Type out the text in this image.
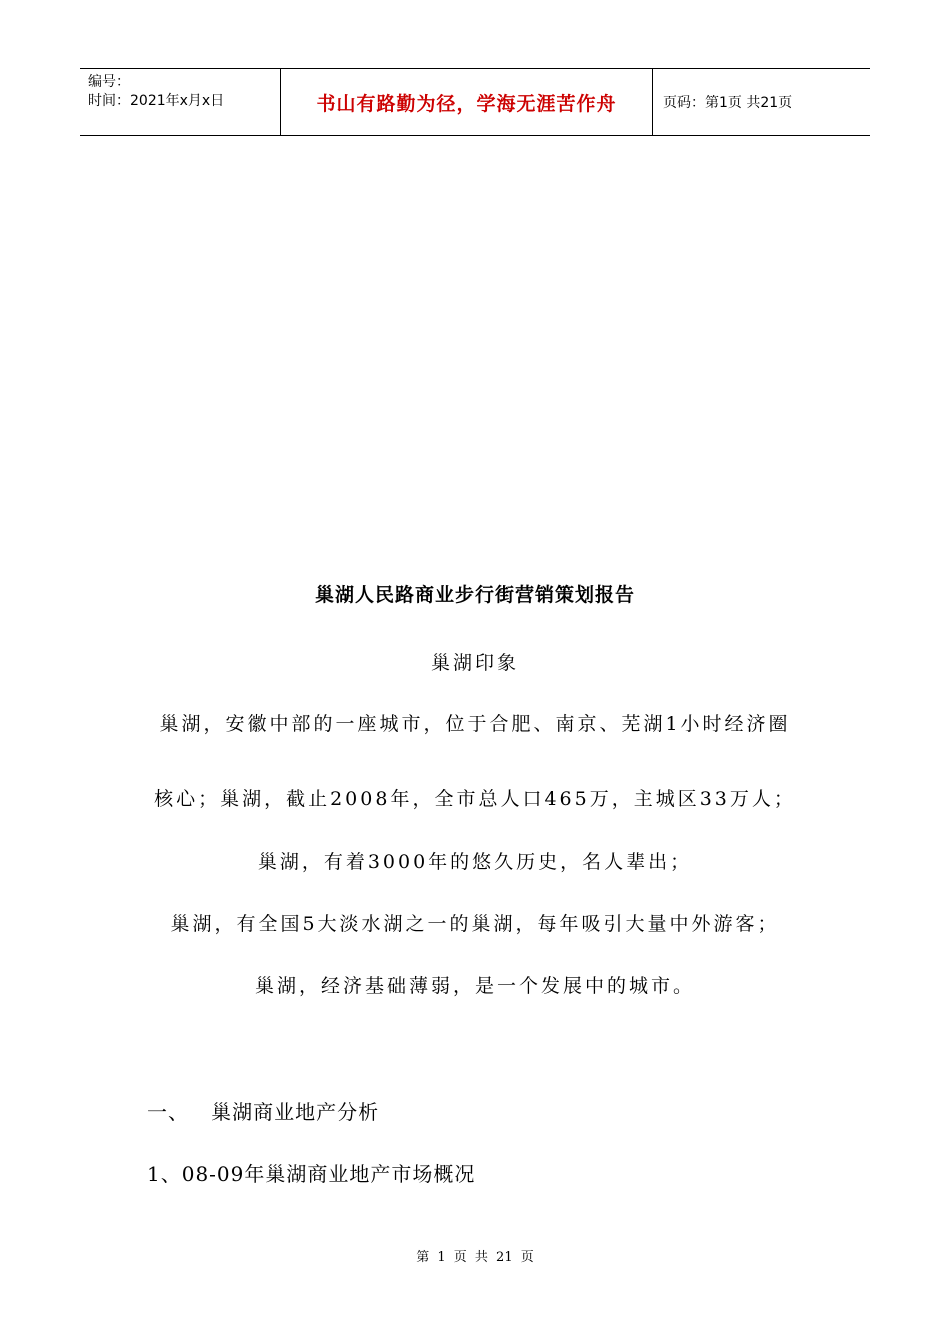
编号：
时间：2021年x月x日	书山有路勤为径，学海无涯苦作舟	页码：第1页 共21页
巢湖人民路商业步行街营销策划报告
巢湖印象
巢湖，安徽中部的一座城市，位于合肥、南京、芜湖1小时经济圈
核心；巢湖，截止2008年，全市总人口465万，主城区33万人；
巢湖，有着3000年的悠久历史，名人辈出；
巢湖，有全国5大淡水湖之一的巢湖，每年吸引大量中外游客；
巢湖，经济基础薄弱，是一个发展中的城市。
一、   巢湖商业地产分析
1、08-09年巢湖商业地产市场概况
第 1 页 共 21 页
